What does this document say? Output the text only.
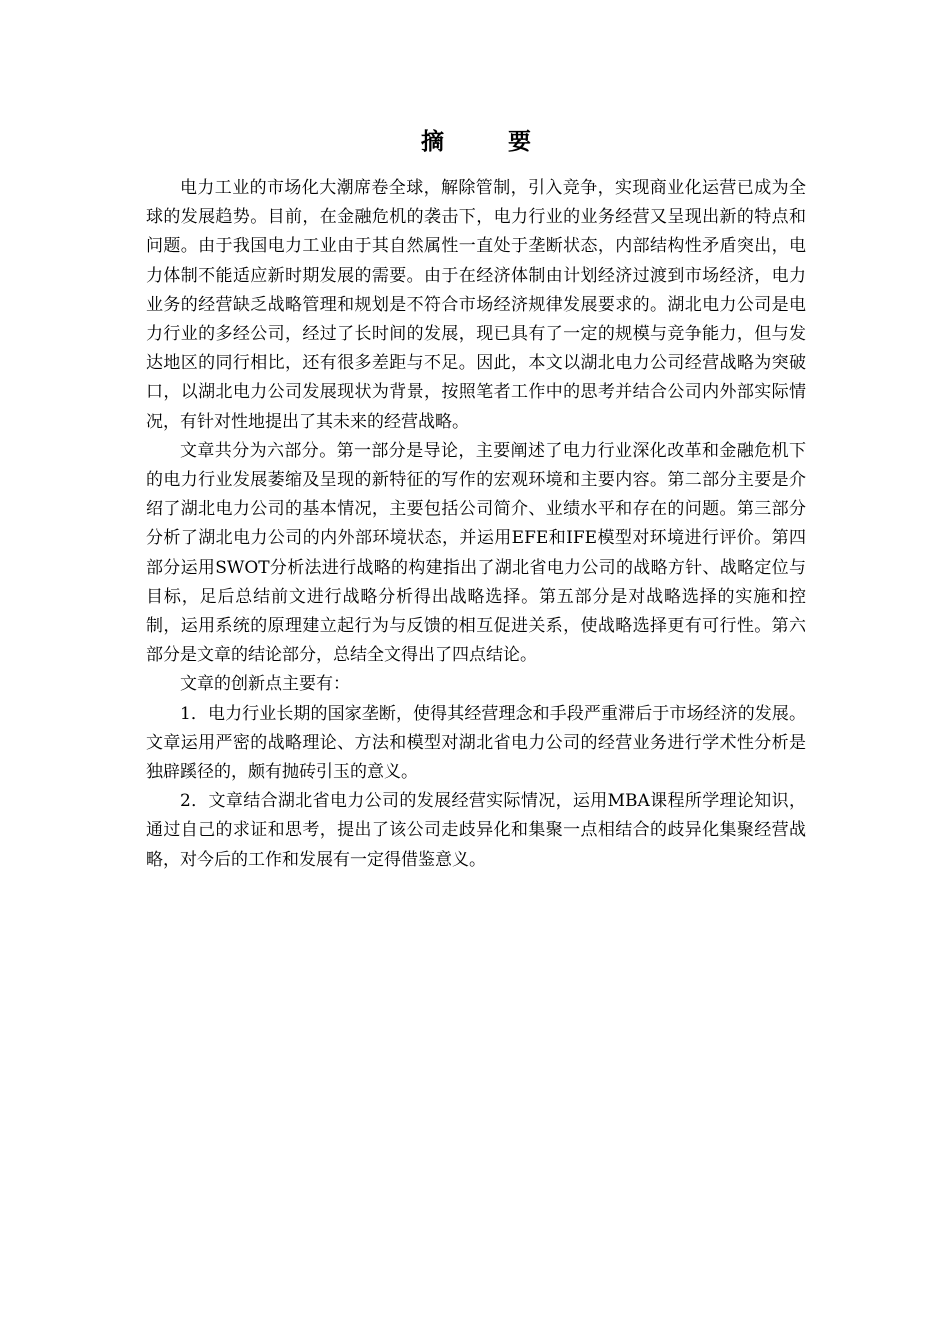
摘 要

电力工业的市场化大潮席卷全球，解除管制，引入竞争，实现商业化运营已成为全球的发展趋势。目前，在金融危机的袭击下，电力行业的业务经营又呈现出新的特点和问题。由于我国电力工业由于其自然属性一直处于垄断状态，内部结构性矛盾突出，电力体制不能适应新时期发展的需要。由于在经济体制由计划经济过渡到市场经济，电力业务的经营缺乏战略管理和规划是不符合市场经济规律发展要求的。湖北电力公司是电力行业的多经公司，经过了长时间的发展，现已具有了一定的规模与竞争能力，但与发达地区的同行相比，还有很多差距与不足。因此，本文以湖北电力公司经营战略为突破口，以湖北电力公司发展现状为背景，按照笔者工作中的思考并结合公司内外部实际情况，有针对性地提出了其未来的经营战略。

文章共分为六部分。第一部分是导论，主要阐述了电力行业深化改革和金融危机下的电力行业发展萎缩及呈现的新特征的写作的宏观环境和主要内容。第二部分主要是介绍了湖北电力公司的基本情况，主要包括公司简介、业绩水平和存在的问题。第三部分分析了湖北电力公司的内外部环境状态，并运用EFE和IFE模型对环境进行评价。第四部分运用SWOT分析法进行战略的构建指出了湖北省电力公司的战略方针、战略定位与目标，足后总结前文进行战略分析得出战略选择。第五部分是对战略选择的实施和控制，运用系统的原理建立起行为与反馈的相互促进关系，使战略选择更有可行性。第六部分是文章的结论部分，总结全文得出了四点结论。

文章的创新点主要有：

1．电力行业长期的国家垄断，使得其经营理念和手段严重滞后于市场经济的发展。文章运用严密的战略理论、方法和模型对湖北省电力公司的经营业务进行学术性分析是独辟蹊径的，颇有抛砖引玉的意义。

2．文章结合湖北省电力公司的发展经营实际情况，运用MBA课程所学理论知识，通过自己的求证和思考，提出了该公司走歧异化和集聚一点相结合的歧异化集聚经营战略，对今后的工作和发展有一定得借鉴意义。
